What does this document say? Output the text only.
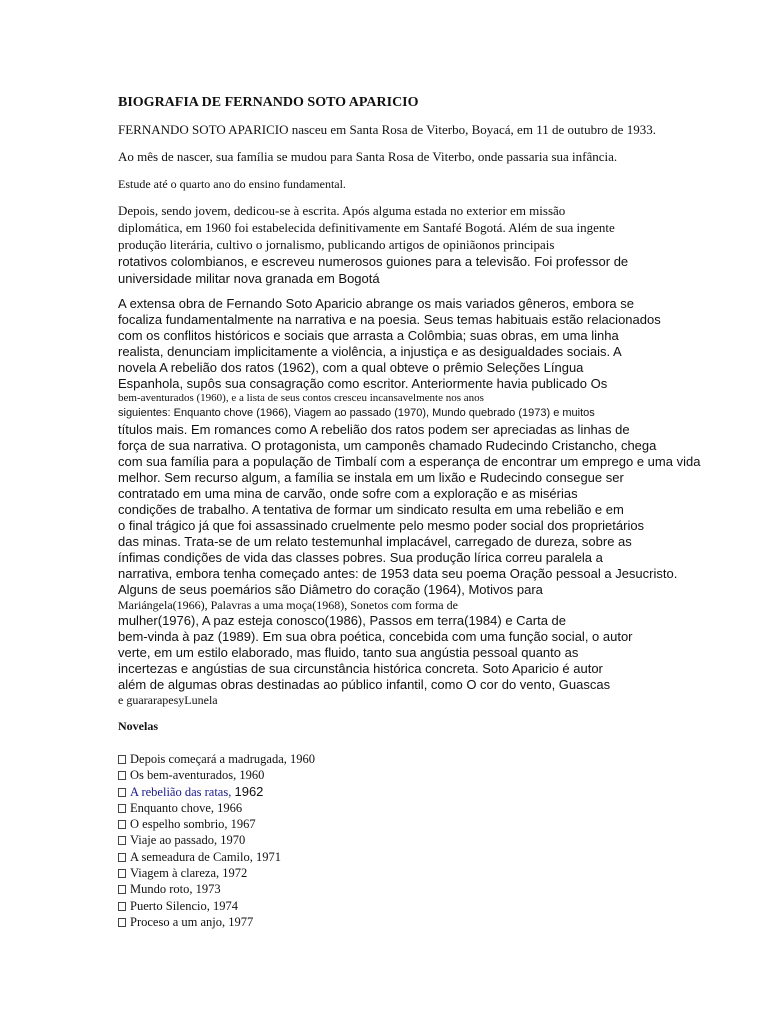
BIOGRAFIA DE FERNANDO SOTO APARICIO

FERNANDO SOTO APARICIO nasceu em Santa Rosa de Viterbo, Boyacá, em 11 de outubro de 1933.

Ao mês de nascer, sua família se mudou para Santa Rosa de Viterbo, onde passaria sua infância.

Estude até o quarto ano do ensino fundamental.

Depois, sendo jovem, dedicou-se à escrita. Após alguma estada no exterior em missão

diplomática, em 1960 foi estabelecida definitivamente em Santafé Bogotá. Além de sua ingente

produção literária, cultivo o jornalismo, publicando artigos de opiniãonos principais

rotativos colombianos, e escreveu numerosos guiones para a televisão. Foi professor de

universidade militar nova granada em Bogotá

A extensa obra de Fernando Soto Aparicio abrange os mais variados gêneros, embora se

focaliza fundamentalmente na narrativa e na poesia. Seus temas habituais estão relacionados

com os conflitos históricos e sociais que arrasta a Colômbia; suas obras, em uma linha

realista, denunciam implicitamente a violência, a injustiça e as desigualdades sociais. A

novela A rebelião dos ratos (1962), com a qual obteve o prêmio Seleções Língua

Espanhola, supôs sua consagração como escritor. Anteriormente havia publicado Os

bem-aventurados (1960), e a lista de seus contos cresceu incansavelmente nos anos

siguientes: Enquanto chove (1966), Viagem ao passado (1970), Mundo quebrado (1973) e muitos

títulos mais. Em romances como A rebelião dos ratos podem ser apreciadas as linhas de

força de sua narrativa. O protagonista, um camponês chamado Rudecindo Cristancho, chega

com sua família para a população de Timbalí com a esperança de encontrar um emprego e uma vida

melhor. Sem recurso algum, a família se instala em um lixão e Rudecindo consegue ser

contratado em uma mina de carvão, onde sofre com a exploração e as misérias

condições de trabalho. A tentativa de formar um sindicato resulta em uma rebelião e em

o final trágico já que foi assassinado cruelmente pelo mesmo poder social dos proprietários

das minas. Trata-se de um relato testemunhal implacável, carregado de dureza, sobre as

ínfimas condições de vida das classes pobres. Sua produção lírica correu paralela a

narrativa, embora tenha começado antes: de 1953 data seu poema Oração pessoal a Jesucristo.

Alguns de seus poemários são Diâmetro do coração (1964), Motivos para

Mariángela(1966), Palavras a uma moça(1968), Sonetos com forma de

mulher(1976), A paz esteja conosco(1986), Passos em terra(1984) e Carta de

bem-vinda à paz (1989). Em sua obra poética, concebida com uma função social, o autor

verte, em um estilo elaborado, mas fluido, tanto sua angústia pessoal quanto as

incertezas e angústias de sua circunstância histórica concreta. Soto Aparicio é autor

além de algumas obras destinadas ao público infantil, como O cor do vento, Guascas

e guararapesyLunela

Novelas

Depois começará a madrugada, 1960
Os bem-aventurados, 1960
A rebelião das ratas, 1962
Enquanto chove, 1966
O espelho sombrio, 1967
Viaje ao passado, 1970
A semeadura de Camilo, 1971
Viagem à clareza, 1972
Mundo roto, 1973
Puerto Silencio, 1974
Proceso a um anjo, 1977
